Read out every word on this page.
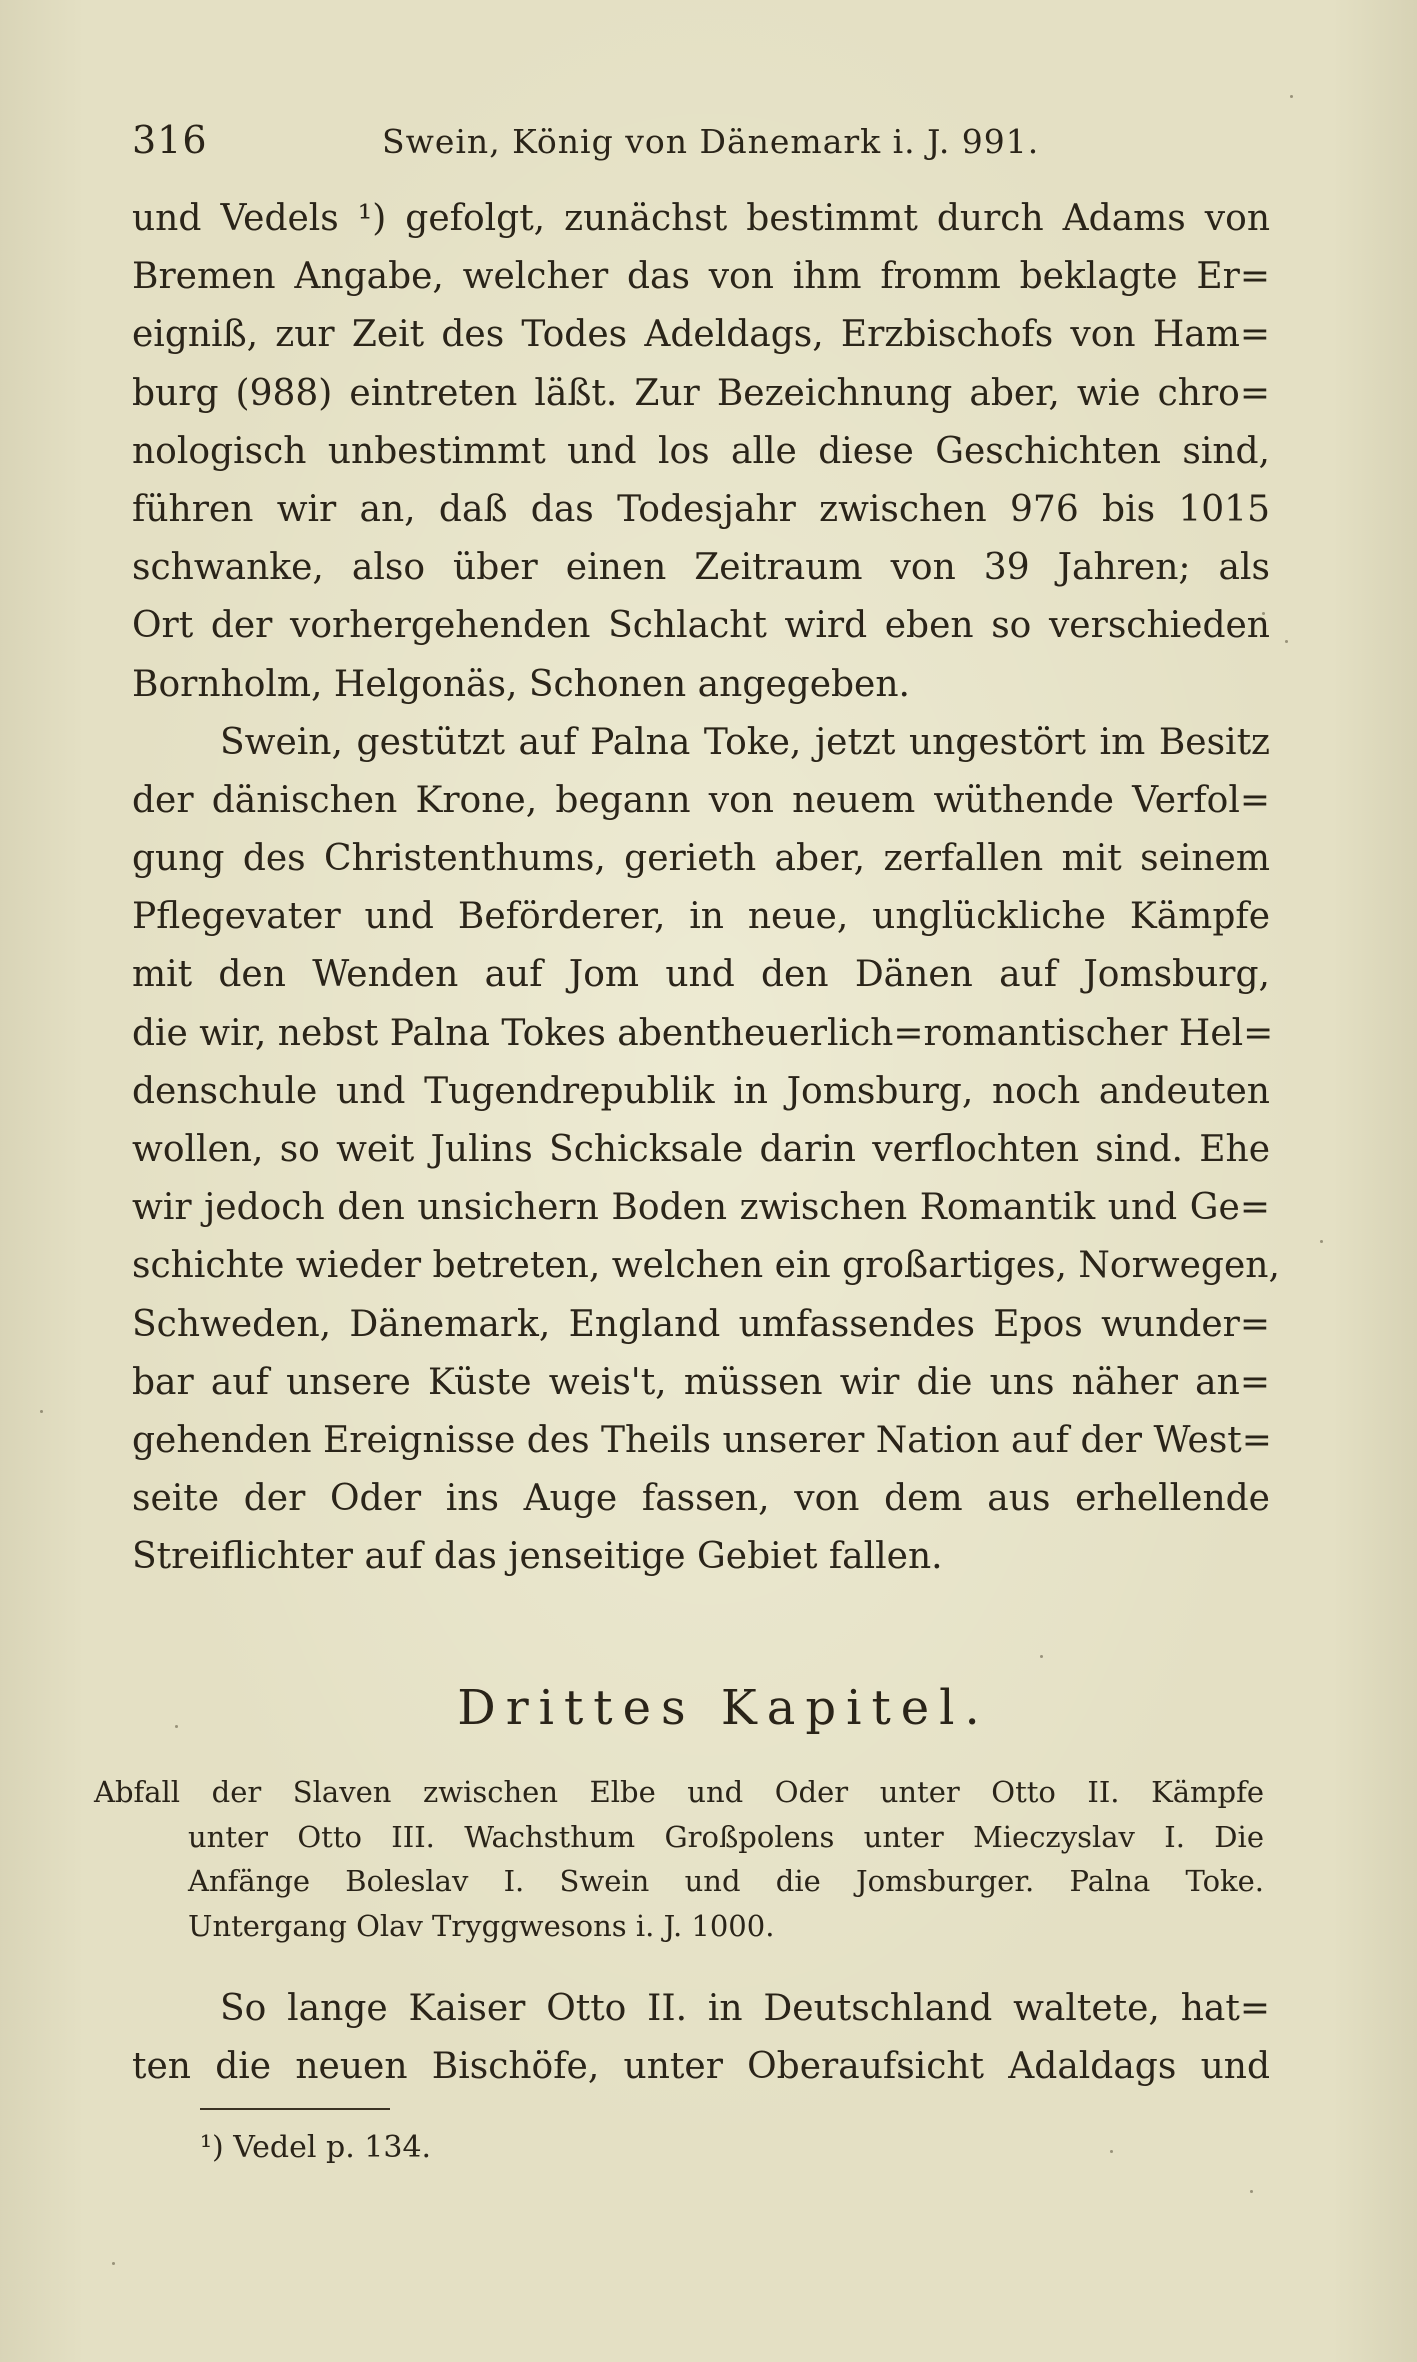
316	Swein, König von Dänemark i. J. 991.
und Vedels ¹) gefolgt, zunächst bestimmt durch Adams von
Bremen Angabe, welcher das von ihm fromm beklagte Er=
eigniß, zur Zeit des Todes Adeldags, Erzbischofs von Ham=
burg (988) eintreten läßt. Zur Bezeichnung aber, wie chro=
nologisch unbestimmt und los alle diese Geschichten sind,
führen wir an, daß das Todesjahr zwischen 976 bis 1015
schwanke, also über einen Zeitraum von 39 Jahren; als
Ort der vorhergehenden Schlacht wird eben so verschieden
Bornholm, Helgonäs, Schonen angegeben.
Swein, gestützt auf Palna Toke, jetzt ungestört im Besitz
der dänischen Krone, begann von neuem wüthende Verfol=
gung des Christenthums, gerieth aber, zerfallen mit seinem
Pflegevater und Beförderer, in neue, unglückliche Kämpfe
mit den Wenden auf Jom und den Dänen auf Jomsburg,
die wir, nebst Palna Tokes abentheuerlich=romantischer Hel=
denschule und Tugendrepublik in Jomsburg, noch andeuten
wollen, so weit Julins Schicksale darin verflochten sind. Ehe
wir jedoch den unsichern Boden zwischen Romantik und Ge=
schichte wieder betreten, welchen ein großartiges, Norwegen,
Schweden, Dänemark, England umfassendes Epos wunder=
bar auf unsere Küste weis't, müssen wir die uns näher an=
gehenden Ereignisse des Theils unserer Nation auf der West=
seite der Oder ins Auge fassen, von dem aus erhellende
Streiflichter auf das jenseitige Gebiet fallen.
Drittes Kapitel.
Abfall der Slaven zwischen Elbe und Oder unter Otto II. Kämpfe
unter Otto III. Wachsthum Großpolens unter Mieczyslav I. Die
Anfänge Boleslav I. Swein und die Jomsburger. Palna Toke.
Untergang Olav Tryggwesons i. J. 1000.
So lange Kaiser Otto II. in Deutschland waltete, hat=
ten die neuen Bischöfe, unter Oberaufsicht Adaldags und
¹) Vedel p. 134.
